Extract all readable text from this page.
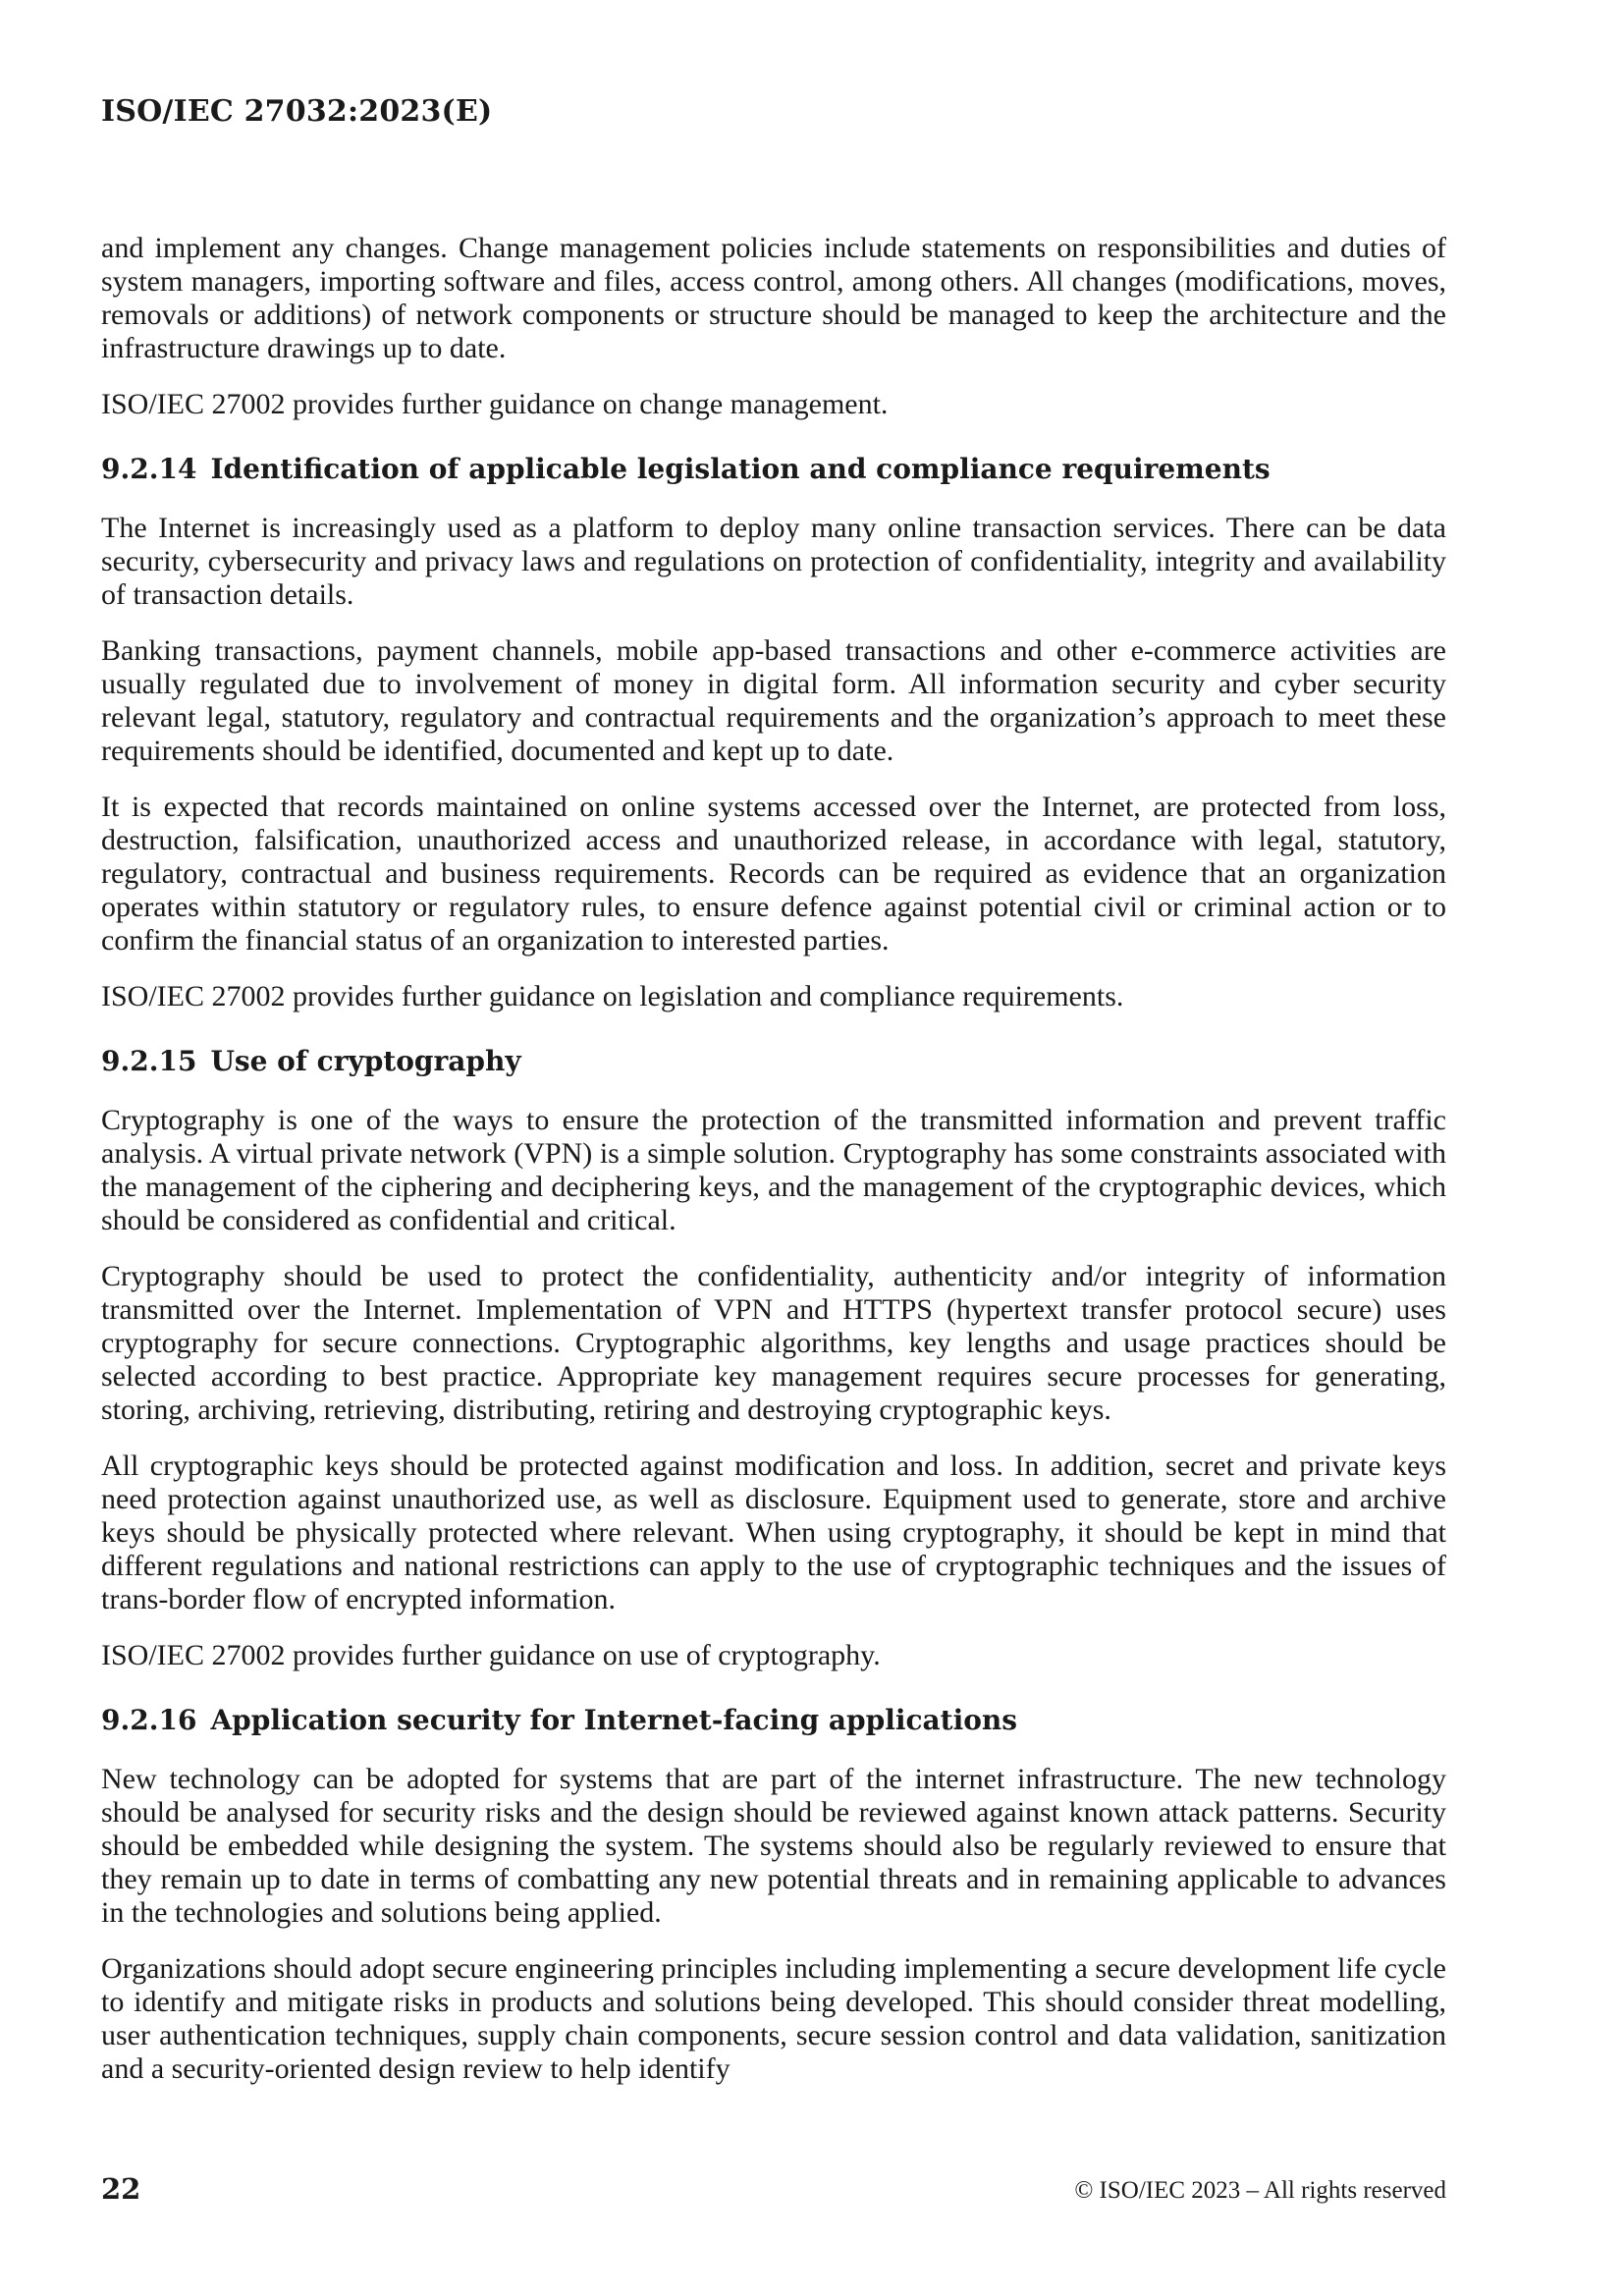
ISO/IEC 27032:2023(E)

and implement any changes. Change management policies include statements on responsibilities and duties of system managers, importing software and files, access control, among others. All changes (modifications, moves, removals or additions) of network components or structure should be managed to keep the architecture and the infrastructure drawings up to date.

ISO/IEC 27002 provides further guidance on change management.

9.2.14 Identification of applicable legislation and compliance requirements

The Internet is increasingly used as a platform to deploy many online transaction services. There can be data security, cybersecurity and privacy laws and regulations on protection of confidentiality, integrity and availability of transaction details.

Banking transactions, payment channels, mobile app-based transactions and other e-commerce activities are usually regulated due to involvement of money in digital form. All information security and cyber security relevant legal, statutory, regulatory and contractual requirements and the organization’s approach to meet these requirements should be identified, documented and kept up to date.

It is expected that records maintained on online systems accessed over the Internet, are protected from loss, destruction, falsification, unauthorized access and unauthorized release, in accordance with legal, statutory, regulatory, contractual and business requirements. Records can be required as evidence that an organization operates within statutory or regulatory rules, to ensure defence against potential civil or criminal action or to confirm the financial status of an organization to interested parties.

ISO/IEC 27002 provides further guidance on legislation and compliance requirements.

9.2.15 Use of cryptography

Cryptography is one of the ways to ensure the protection of the transmitted information and prevent traffic analysis. A virtual private network (VPN) is a simple solution. Cryptography has some constraints associated with the management of the ciphering and deciphering keys, and the management of the cryptographic devices, which should be considered as confidential and critical.

Cryptography should be used to protect the confidentiality, authenticity and/or integrity of information transmitted over the Internet. Implementation of VPN and HTTPS (hypertext transfer protocol secure) uses cryptography for secure connections. Cryptographic algorithms, key lengths and usage practices should be selected according to best practice. Appropriate key management requires secure processes for generating, storing, archiving, retrieving, distributing, retiring and destroying cryptographic keys.

All cryptographic keys should be protected against modification and loss. In addition, secret and private keys need protection against unauthorized use, as well as disclosure. Equipment used to generate, store and archive keys should be physically protected where relevant. When using cryptography, it should be kept in mind that different regulations and national restrictions can apply to the use of cryptographic techniques and the issues of trans-border flow of encrypted information.

ISO/IEC 27002 provides further guidance on use of cryptography.

9.2.16 Application security for Internet-facing applications

New technology can be adopted for systems that are part of the internet infrastructure. The new technology should be analysed for security risks and the design should be reviewed against known attack patterns. Security should be embedded while designing the system. The systems should also be regularly reviewed to ensure that they remain up to date in terms of combatting any new potential threats and in remaining applicable to advances in the technologies and solutions being applied.

Organizations should adopt secure engineering principles including implementing a secure development life cycle to identify and mitigate risks in products and solutions being developed. This should consider threat modelling, user authentication techniques, supply chain components, secure session control and data validation, sanitization and a security-oriented design review to help identify

22	© ISO/IEC 2023 – All rights reserved
